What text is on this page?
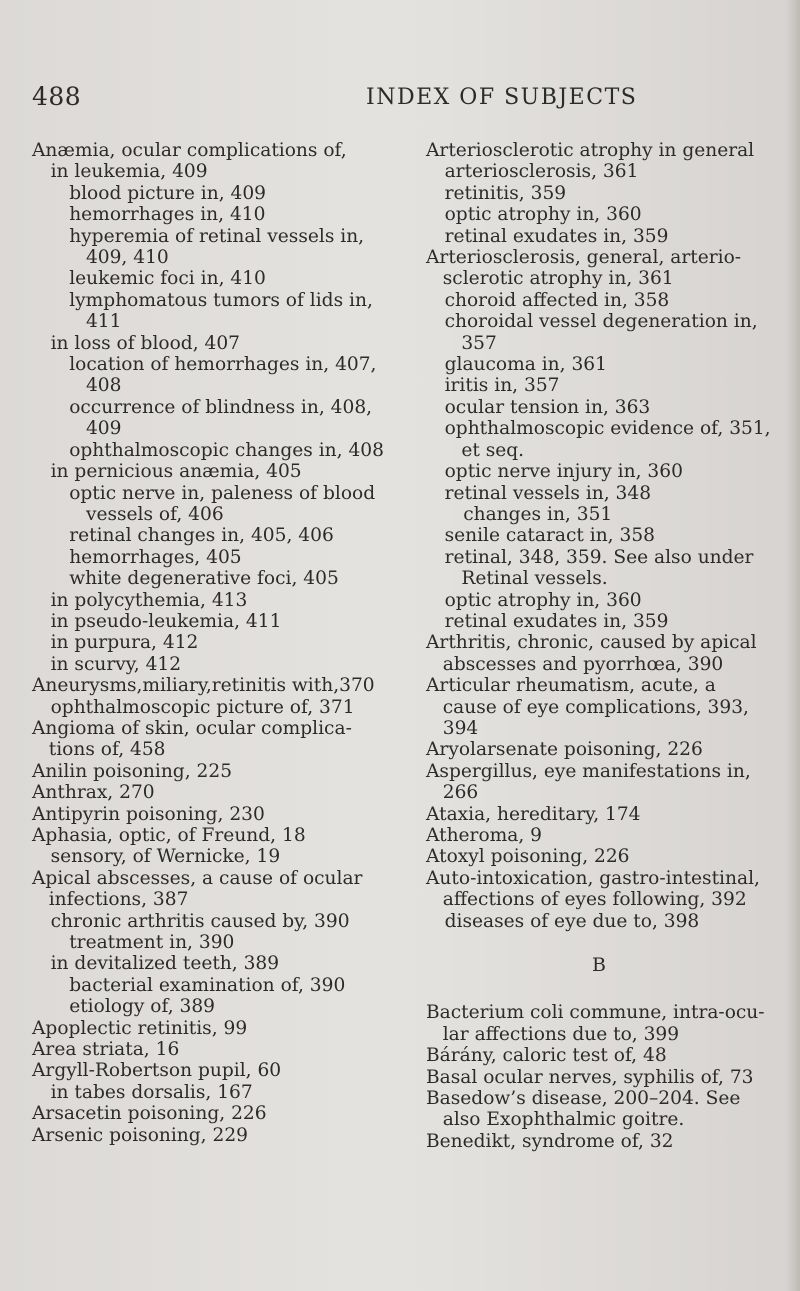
488	INDEX OF SUBJECTS

Anæmia, ocular complications of,

in leukemia, 409

blood picture in, 409

hemorrhages in, 410

hyperemia of retinal vessels in, 409, 410

leukemic foci in, 410

lymphomatous tumors of lids in, 411

in loss of blood, 407

location of hemorrhages in, 407, 408

occurrence of blindness in, 408, 409

ophthalmoscopic changes in, 408

in pernicious anæmia, 405

optic nerve in, paleness of blood vessels of, 406

retinal changes in, 405, 406

hemorrhages, 405

white degenerative foci, 405

in polycythemia, 413

in pseudo-leukemia, 411

in purpura, 412

in scurvy, 412

Aneurysms,miliary,retinitis with,370

ophthalmoscopic picture of, 371

Angioma of skin, ocular complications of, 458

Anilin poisoning, 225

Anthrax, 270

Antipyrin poisoning, 230

Aphasia, optic, of Freund, 18

sensory, of Wernicke, 19

Apical abscesses, a cause of ocular infections, 387

chronic arthritis caused by, 390

treatment in, 390

in devitalized teeth, 389

bacterial examination of, 390

etiology of, 389

Apoplectic retinitis, 99

Area striata, 16

Argyll-Robertson pupil, 60

in tabes dorsalis, 167

Arsacetin poisoning, 226

Arsenic poisoning, 229

Arteriosclerotic atrophy in general

arteriosclerosis, 361

retinitis, 359

optic atrophy in, 360

retinal exudates in, 359

Arteriosclerosis, general, arteriosclerotic atrophy in, 361

choroid affected in, 358

choroidal vessel degeneration in, 357

glaucoma in, 361

iritis in, 357

ocular tension in, 363

ophthalmoscopic evidence of, 351, et seq.

optic nerve injury in, 360

retinal vessels in, 348

changes in, 351

senile cataract in, 358

retinal, 348, 359. See also under Retinal vessels.

optic atrophy in, 360

retinal exudates in, 359

Arthritis, chronic, caused by apical abscesses and pyorrhœa, 390

Articular rheumatism, acute, a cause of eye complications, 393, 394

Aryolarsenate poisoning, 226

Aspergillus, eye manifestations in, 266

Ataxia, hereditary, 174

Atheroma, 9

Atoxyl poisoning, 226

Auto-intoxication, gastro-intestinal, affections of eyes following, 392

diseases of eye due to, 398

B

Bacterium coli commune, intra-ocular affections due to, 399

Bárány, caloric test of, 48

Basal ocular nerves, syphilis of, 73

Basedow’s disease, 200–204. See also Exophthalmic goitre.

Benedikt, syndrome of, 32
